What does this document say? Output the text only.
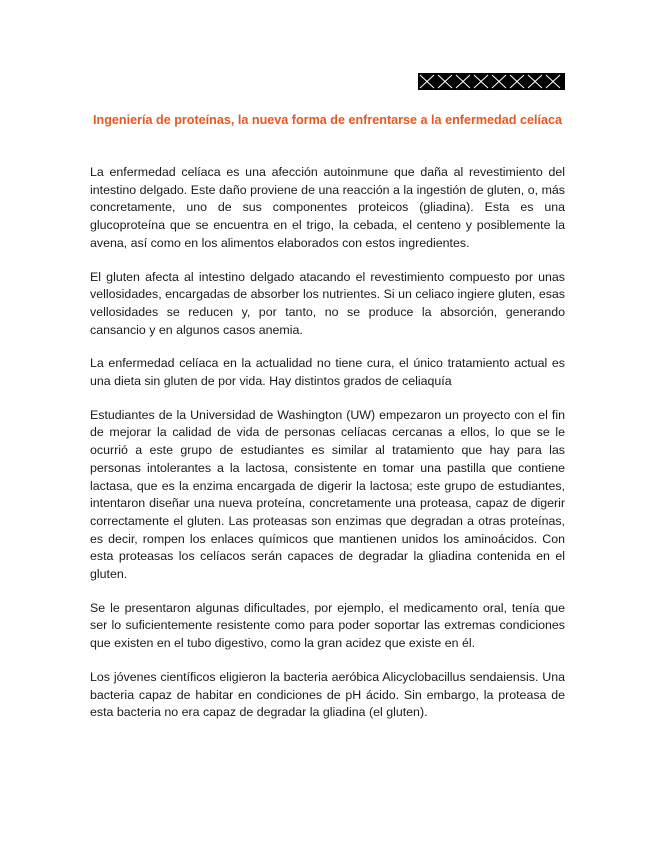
Ingeniería de proteínas, la nueva forma de enfrentarse a la enfermedad celíaca

La enfermedad celíaca es una afección autoinmune que daña al revestimiento del intestino delgado. Este daño proviene de una reacción a la ingestión de gluten, o, más concretamente, uno de sus componentes proteicos (gliadina). Esta es una glucoproteína que se encuentra en el trigo, la cebada, el centeno y posiblemente la avena, así como en los alimentos elaborados con estos ingredientes.

El gluten afecta al intestino delgado atacando el revestimiento compuesto por unas vellosidades, encargadas de absorber los nutrientes. Si un celiaco ingiere gluten, esas vellosidades se reducen y, por tanto, no se produce la absorción, generando cansancio y en algunos casos anemia.

La enfermedad celíaca en la actualidad no tiene cura, el único tratamiento actual es una dieta sin gluten de por vida. Hay distintos grados de celiaquía

Estudiantes de la Universidad de Washington (UW) empezaron un proyecto con el fin de mejorar la calidad de vida de personas celíacas cercanas a ellos, lo que se le ocurrió a este grupo de estudiantes es similar al tratamiento que hay para las personas intolerantes a la lactosa, consistente en tomar una pastilla que contiene lactasa, que es la enzima encargada de digerir la lactosa; este grupo de estudiantes, intentaron diseñar una nueva proteína, concretamente una proteasa, capaz de digerir correctamente el gluten. Las proteasas son enzimas que degradan a otras proteínas, es decir, rompen los enlaces químicos que mantienen unidos los aminoácidos. Con esta proteasas los celíacos serán capaces de degradar la gliadina contenida en el gluten.

Se le presentaron algunas dificultades, por ejemplo, el medicamento oral, tenía que ser lo suficientemente resistente como para poder soportar las extremas condiciones que existen en el tubo digestivo, como la gran acidez que existe en él.

Los jóvenes científicos eligieron la bacteria aeróbica Alicyclobacillus sendaiensis. Una bacteria capaz de habitar en condiciones de pH ácido. Sin embargo, la proteasa de esta bacteria no era capaz de degradar la gliadina (el gluten).
